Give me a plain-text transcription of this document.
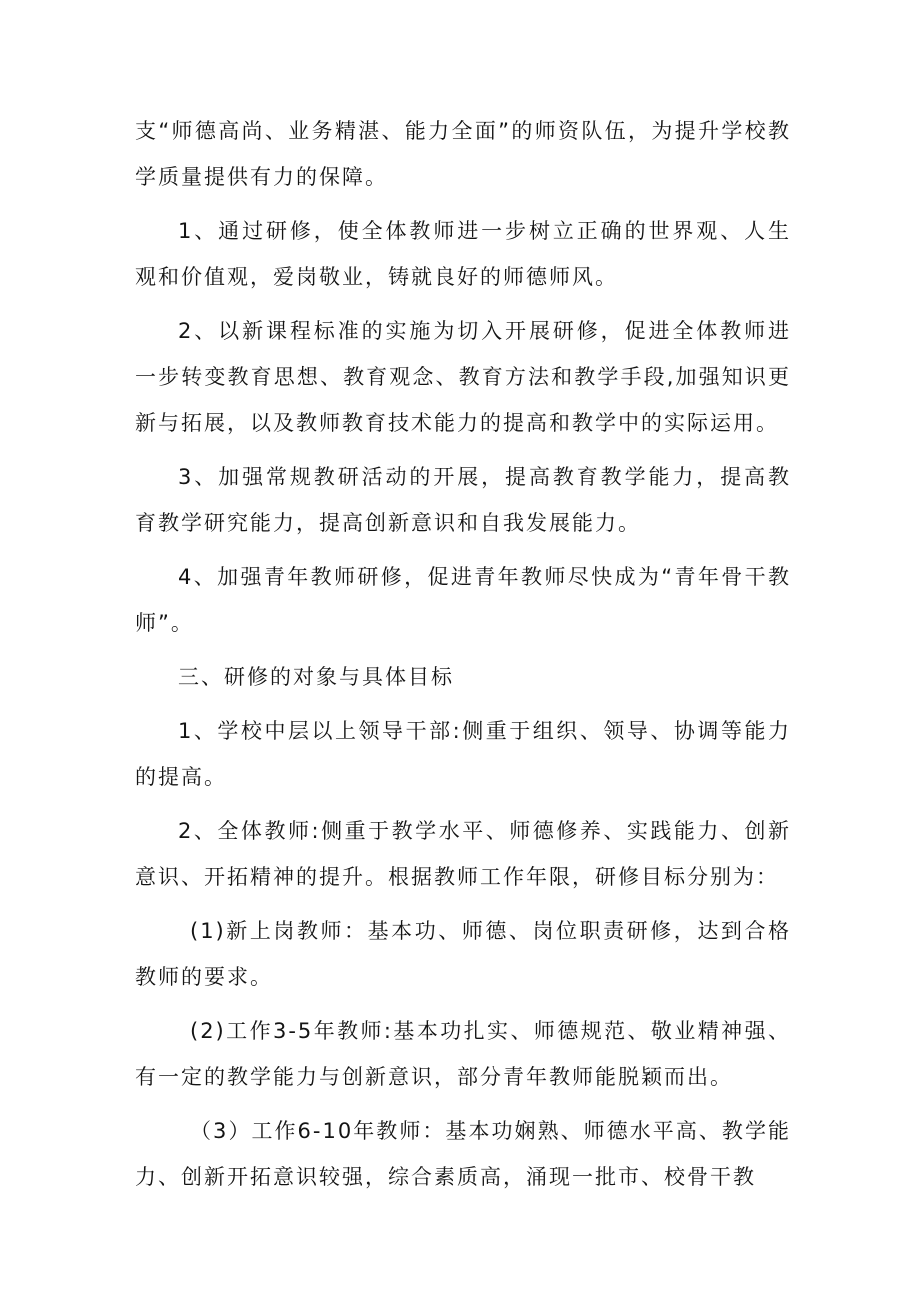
支“师德高尚、业务精湛、能力全面”的师资队伍，为提升学校教学质量提供有力的保障。

1、通过研修，使全体教师进一步树立正确的世界观、人生观和价值观，爱岗敬业，铸就良好的师德师风。

2、以新课程标准的实施为切入开展研修，促进全体教师进一步转变教育思想、教育观念、教育方法和教学手段,加强知识更新与拓展，以及教师教育技术能力的提高和教学中的实际运用。

3、加强常规教研活动的开展，提高教育教学能力，提高教育教学研究能力，提高创新意识和自我发展能力。

4、加强青年教师研修，促进青年教师尽快成为“青年骨干教师”。

三、研修的对象与具体目标

1、学校中层以上领导干部:侧重于组织、领导、协调等能力的提高。

2、全体教师:侧重于教学水平、师德修养、实践能力、创新意识、开拓精神的提升。根据教师工作年限，研修目标分别为：

(1)新上岗教师：基本功、师德、岗位职责研修，达到合格教师的要求。

(2)工作3-5年教师:基本功扎实、师德规范、敬业精神强、有一定的教学能力与创新意识，部分青年教师能脱颖而出。

（3）工作6-10年教师：基本功娴熟、师德水平高、教学能力、创新开拓意识较强，综合素质高，涌现一批市、校骨干教
